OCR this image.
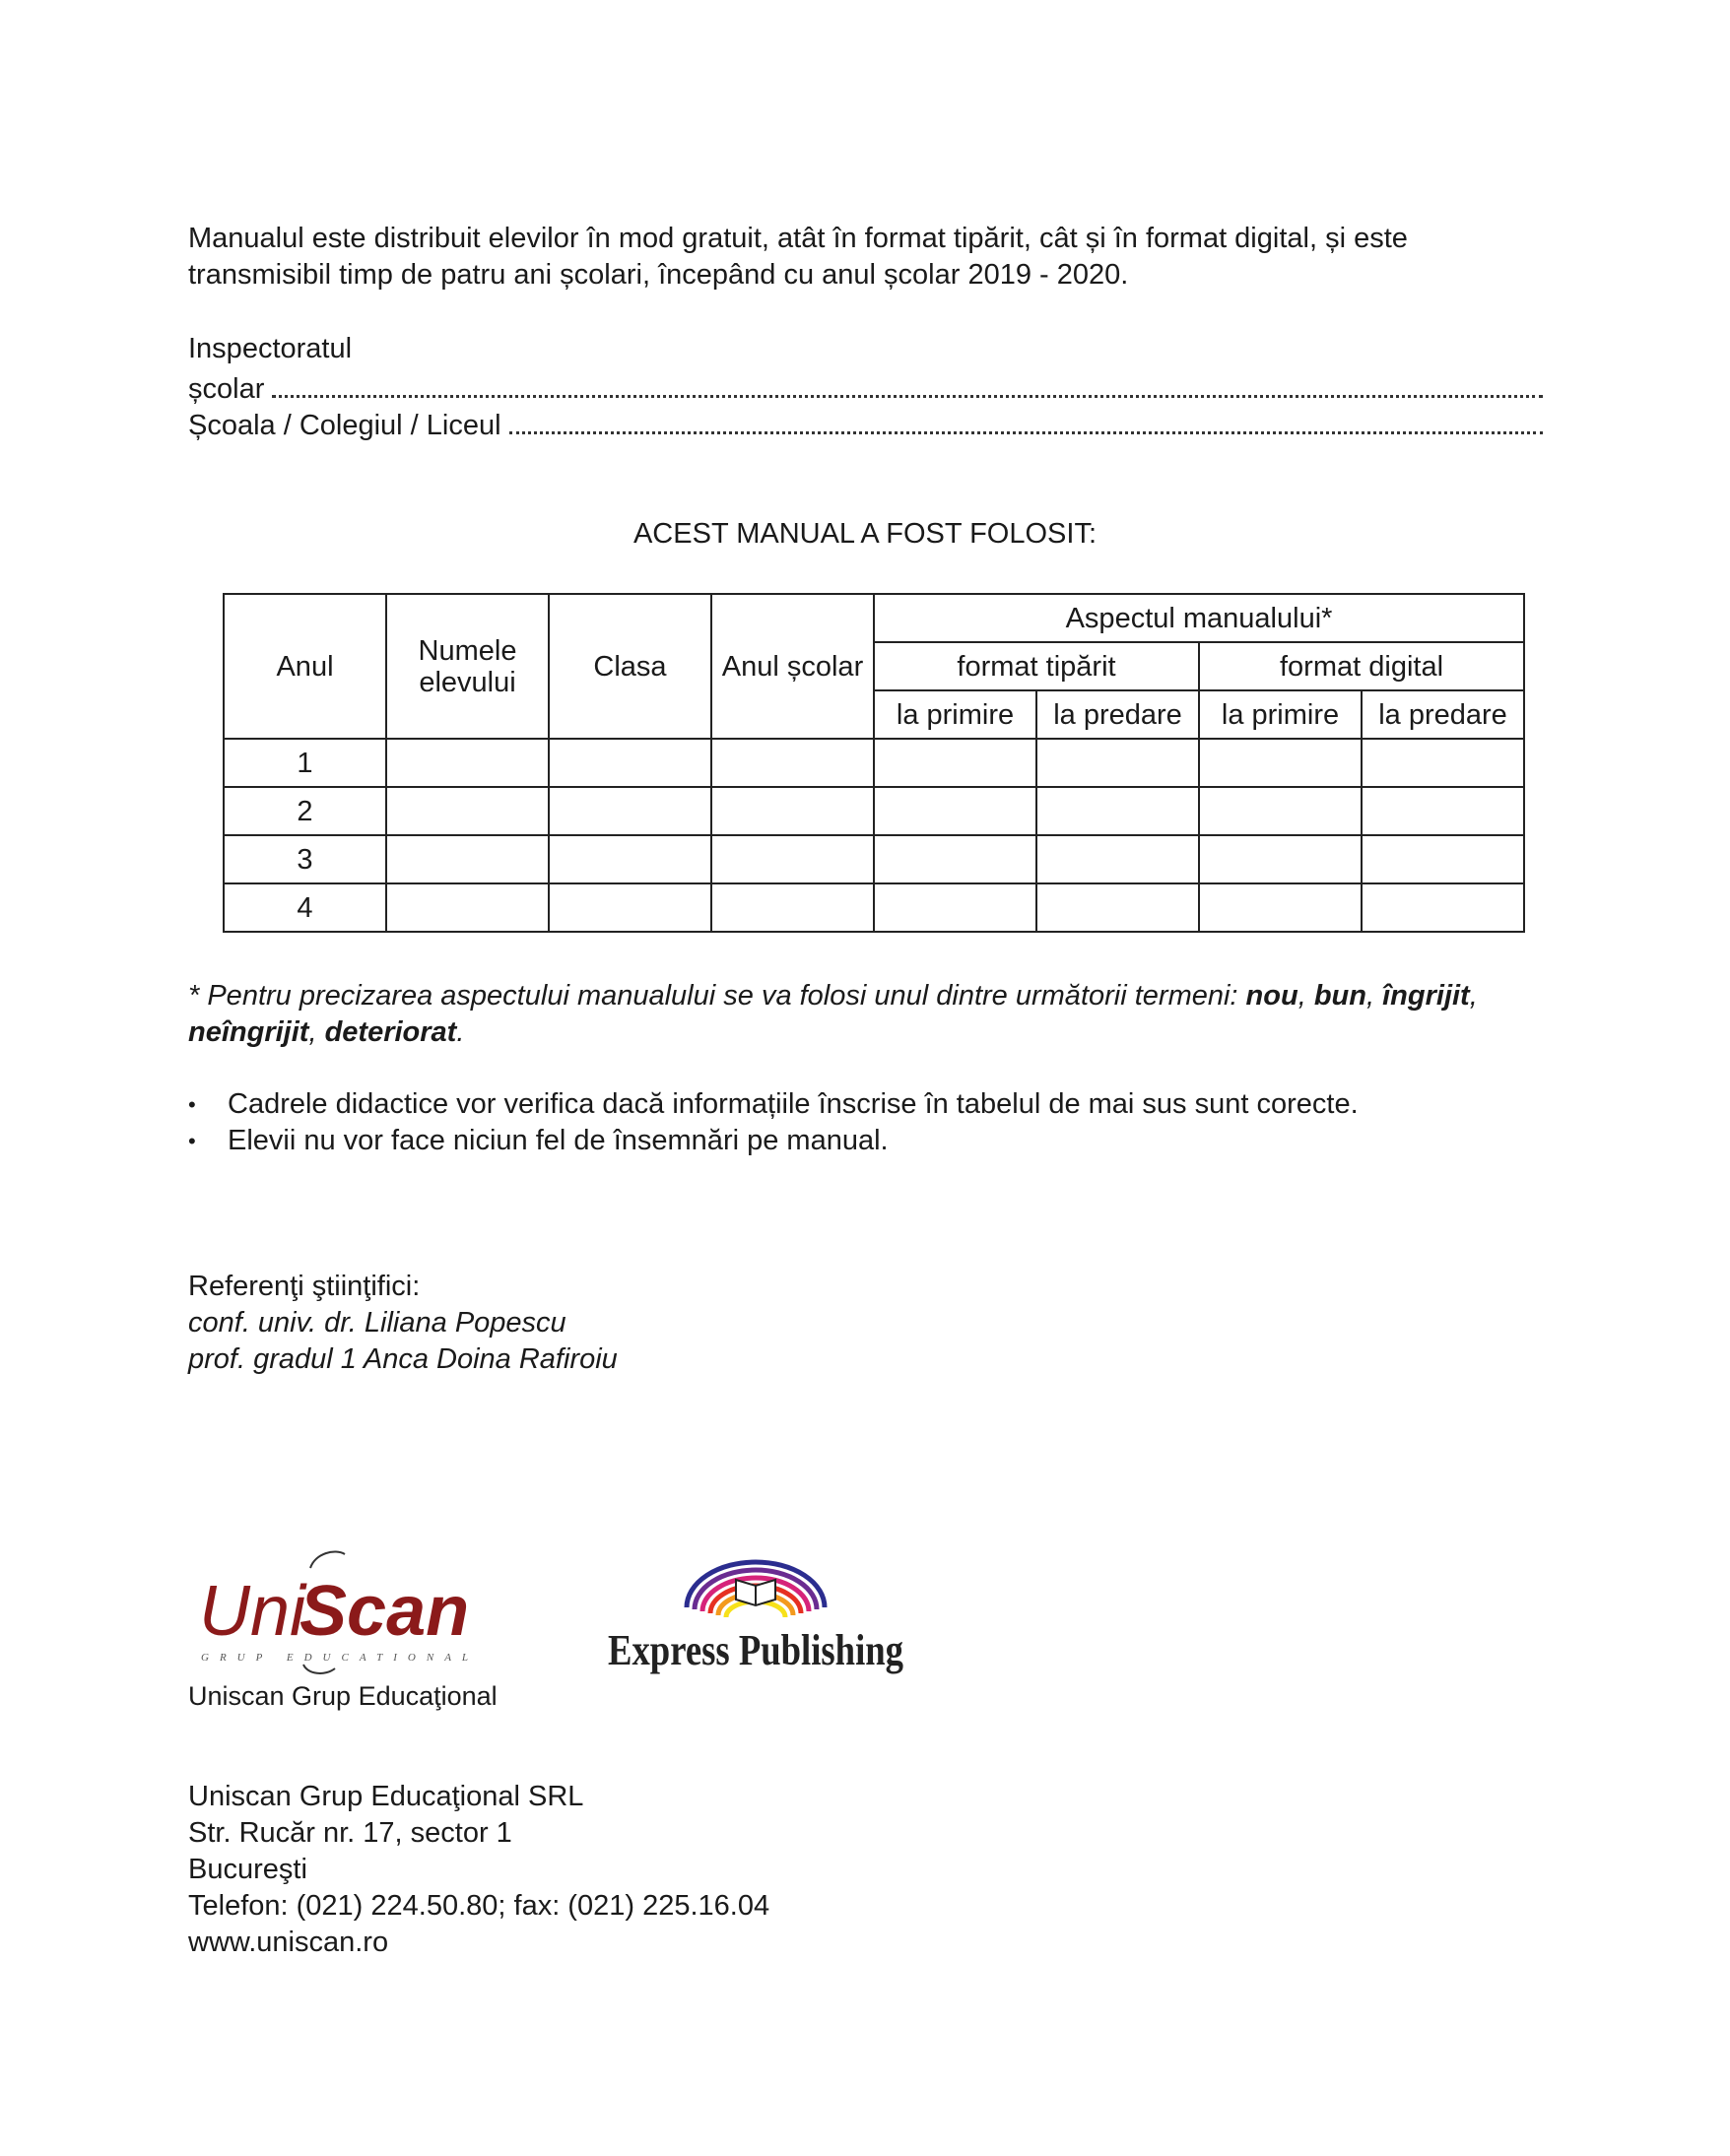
Manualul este distribuit elevilor în mod gratuit, atât în format tipărit, cât și în format digital, și este
transmisibil timp de patru ani școlari, începând cu anul școlar 2019 - 2020.
Inspectoratul
școlar
Școala / Colegiul / Liceul
ACEST MANUAL A FOST FOLOSIT:
Anul	Numele elevului	Clasa	Anul școlar	Aspectul manualului*			
				format tipărit		format digital	
				la primire	la predare	la primire	la predare
1							
2							
3							
4							
* Pentru precizarea aspectului manualului se va folosi unul dintre următorii termeni: nou, bun, îngrijit, neîngrijit, deteriorat.
• Cadrele didactice vor verifica dacă informațiile înscrise în tabelul de mai sus sunt corecte.
• Elevii nu vor face niciun fel de însemnări pe manual.
Referenţi ştiinţifici:
conf. univ. dr. Liliana Popescu
prof. gradul 1 Anca Doina Rafiroiu
Uni
Scan
GRUP EDUCATIONAL
Uniscan Grup Educaţional
Express Publishing
Uniscan Grup Educaţional SRL
Str. Rucăr nr. 17, sector 1
Bucureşti
Telefon: (021) 224.50.80; fax: (021) 225.16.04
www.uniscan.ro
